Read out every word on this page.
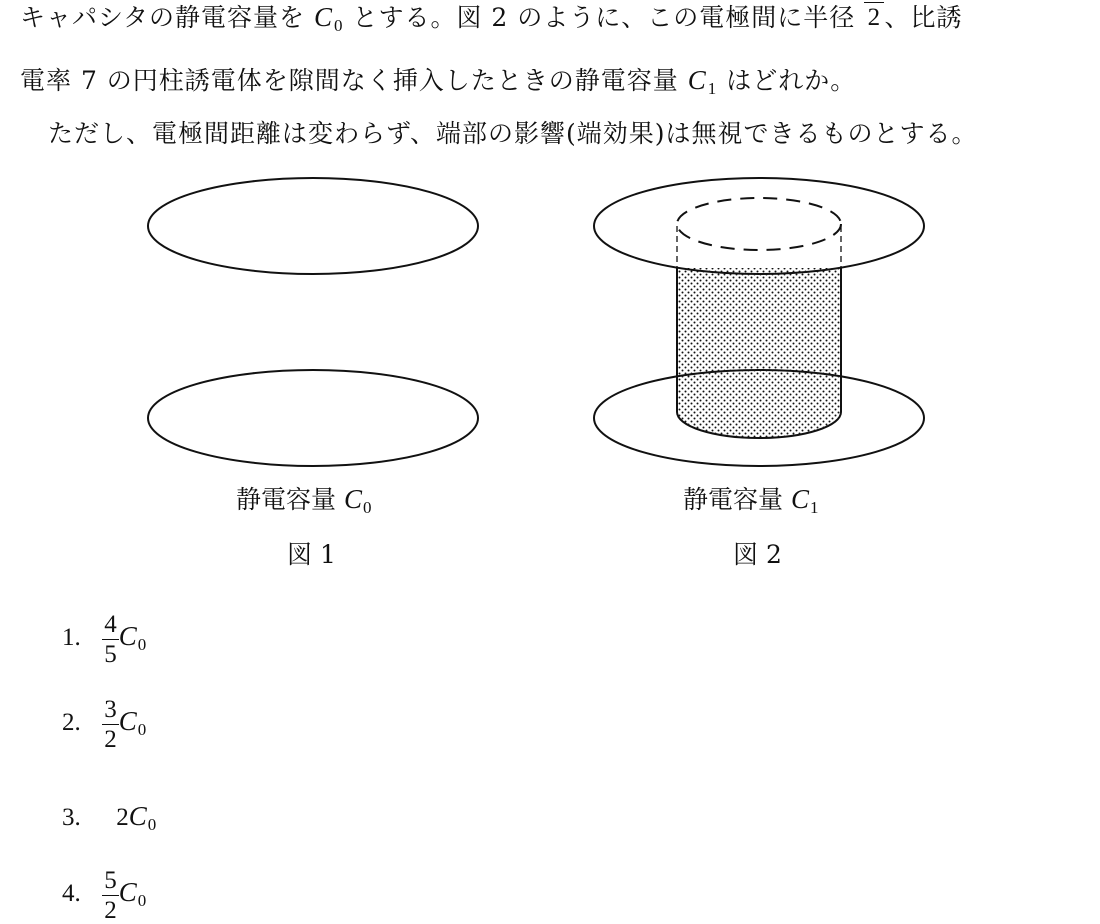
キャパシタの静電容量を $C_0$ とする。図 2 のように、この電極間に半径 2 、比誘
電率 7 の円柱誘電体を隙間なく挿入したときの静電容量 $C_1$ はどれか。
ただし、電極間距離は変わらず、端部の影響(端効果)は無視できるものとする。
静電容量 $C_0$
図 1
静電容量 $C_1$
図 2
1. $\frac{4}{5} C_0$
2. $\frac{3}{2} C_0$
3. $2C_0$
4. $\frac{5}{2} C_0$
